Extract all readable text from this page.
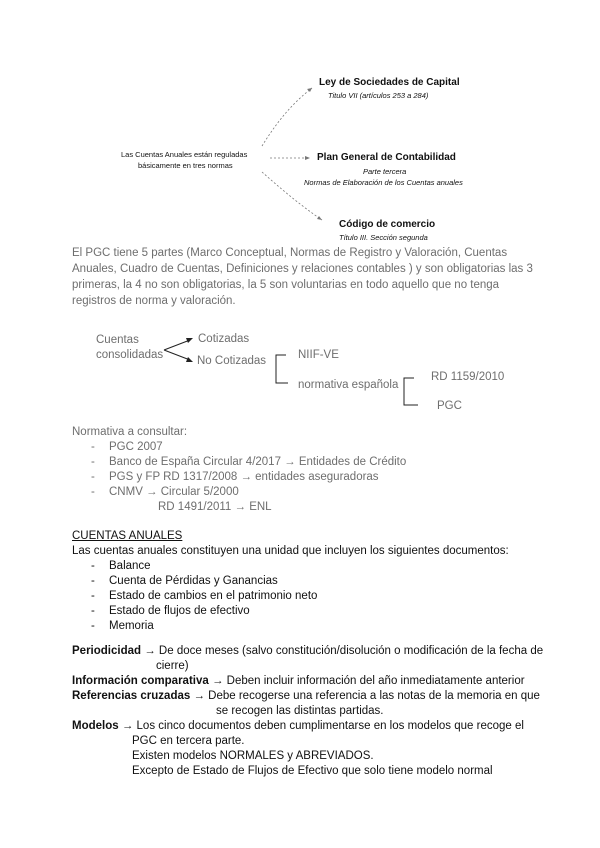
Las Cuentas Anuales están reguladas
básicamente en tres normas
Ley de Sociedades de Capital
Titulo VII (artículos 253 a 284)
Plan General de Contabilidad
Parte tercera
Normas de Elaboración de los Cuentas anuales
Código de comercio
Título III. Sección segunda
El PGC tiene 5 partes (Marco Conceptual, Normas de Registro y Valoración, Cuentas
Anuales, Cuadro de Cuentas, Definiciones y relaciones contables ) y son obligatorias las 3
primeras, la 4 no son obligatorias, la 5 son voluntarias en todo aquello que no tenga
registros de norma y valoración.
Cuentas
consolidadas
Cotizadas
No Cotizadas	NIIF-VE
normativa española
RD 1159/2010
PGC
Normativa a consultar:
- PGC 2007
- Banco de España Circular 4/2017 → Entidades de Crédito
- PGS y FP RD 1317/2008 → entidades aseguradoras
- CNMV → Circular 5/2000
RD 1491/2011 → ENL
CUENTAS ANUALES
Las cuentas anuales constituyen una unidad que incluyen los siguientes documentos:
- Balance
- Cuenta de Pérdidas y Ganancias
- Estado de cambios en el patrimonio neto
- Estado de flujos de efectivo
- Memoria
Periodicidad → De doce meses (salvo constitución/disolución o modificación de la fecha de
cierre)
Información comparativa → Deben incluir información del año inmediatamente anterior
Referencias cruzadas → Debe recogerse una referencia a las notas de la memoria en que
se recogen las distintas partidas.
Modelos → Los cinco documentos deben cumplimentarse en los modelos que recoge el
PGC en tercera parte.
Existen modelos NORMALES y ABREVIADOS.
Excepto de Estado de Flujos de Efectivo que solo tiene modelo normal
